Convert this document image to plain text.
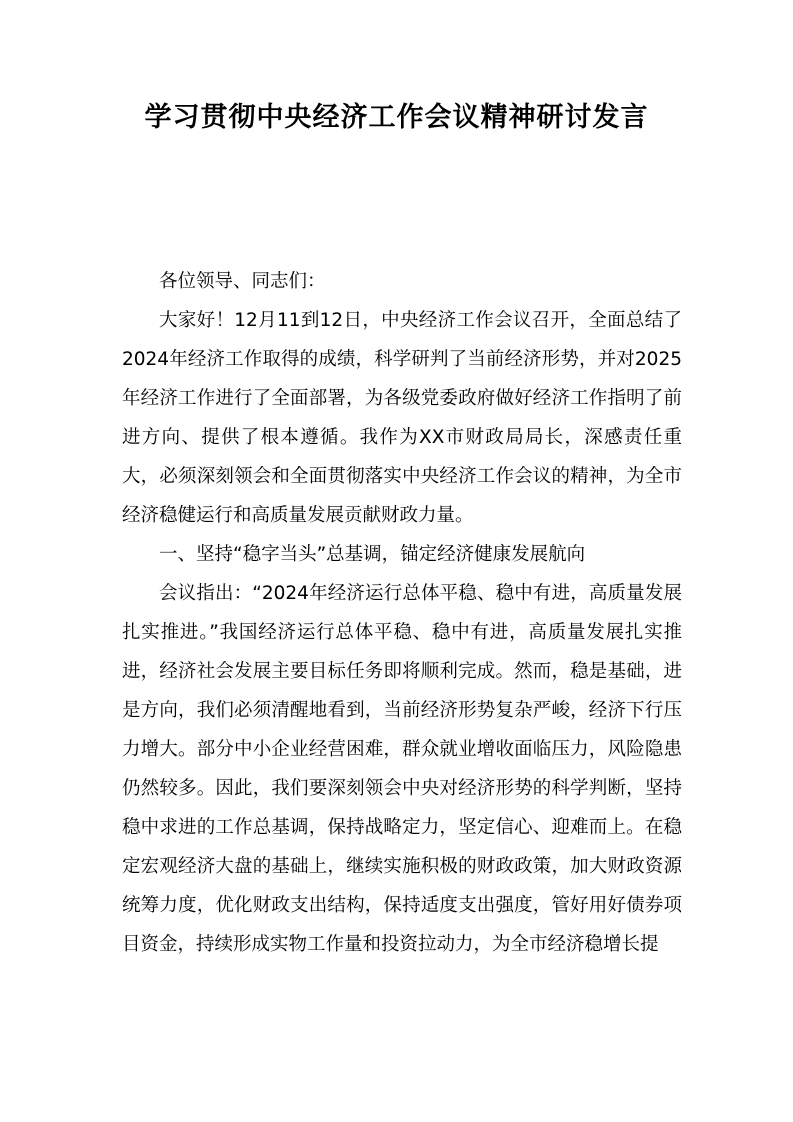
学习贯彻中央经济工作会议精神研讨发言

各位领导、同志们：

大家好！12月11到12日，中央经济工作会议召开，全面总结了2024年经济工作取得的成绩，科学研判了当前经济形势，并对2025年经济工作进行了全面部署，为各级党委政府做好经济工作指明了前进方向、提供了根本遵循。我作为XX市财政局局长，深感责任重大，必须深刻领会和全面贯彻落实中央经济工作会议的精神，为全市经济稳健运行和高质量发展贡献财政力量。

一、坚持“稳字当头”总基调，锚定经济健康发展航向

会议指出：“2024年经济运行总体平稳、稳中有进，高质量发展扎实推进。”我国经济运行总体平稳、稳中有进，高质量发展扎实推进，经济社会发展主要目标任务即将顺利完成。然而，稳是基础，进是方向，我们必须清醒地看到，当前经济形势复杂严峻，经济下行压力增大。部分中小企业经营困难，群众就业增收面临压力，风险隐患仍然较多。因此，我们要深刻领会中央对经济形势的科学判断，坚持稳中求进的工作总基调，保持战略定力，坚定信心、迎难而上。在稳定宏观经济大盘的基础上，继续实施积极的财政政策，加大财政资源统筹力度，优化财政支出结构，保持适度支出强度，管好用好债券项目资金，持续形成实物工作量和投资拉动力，为全市经济稳增长提
